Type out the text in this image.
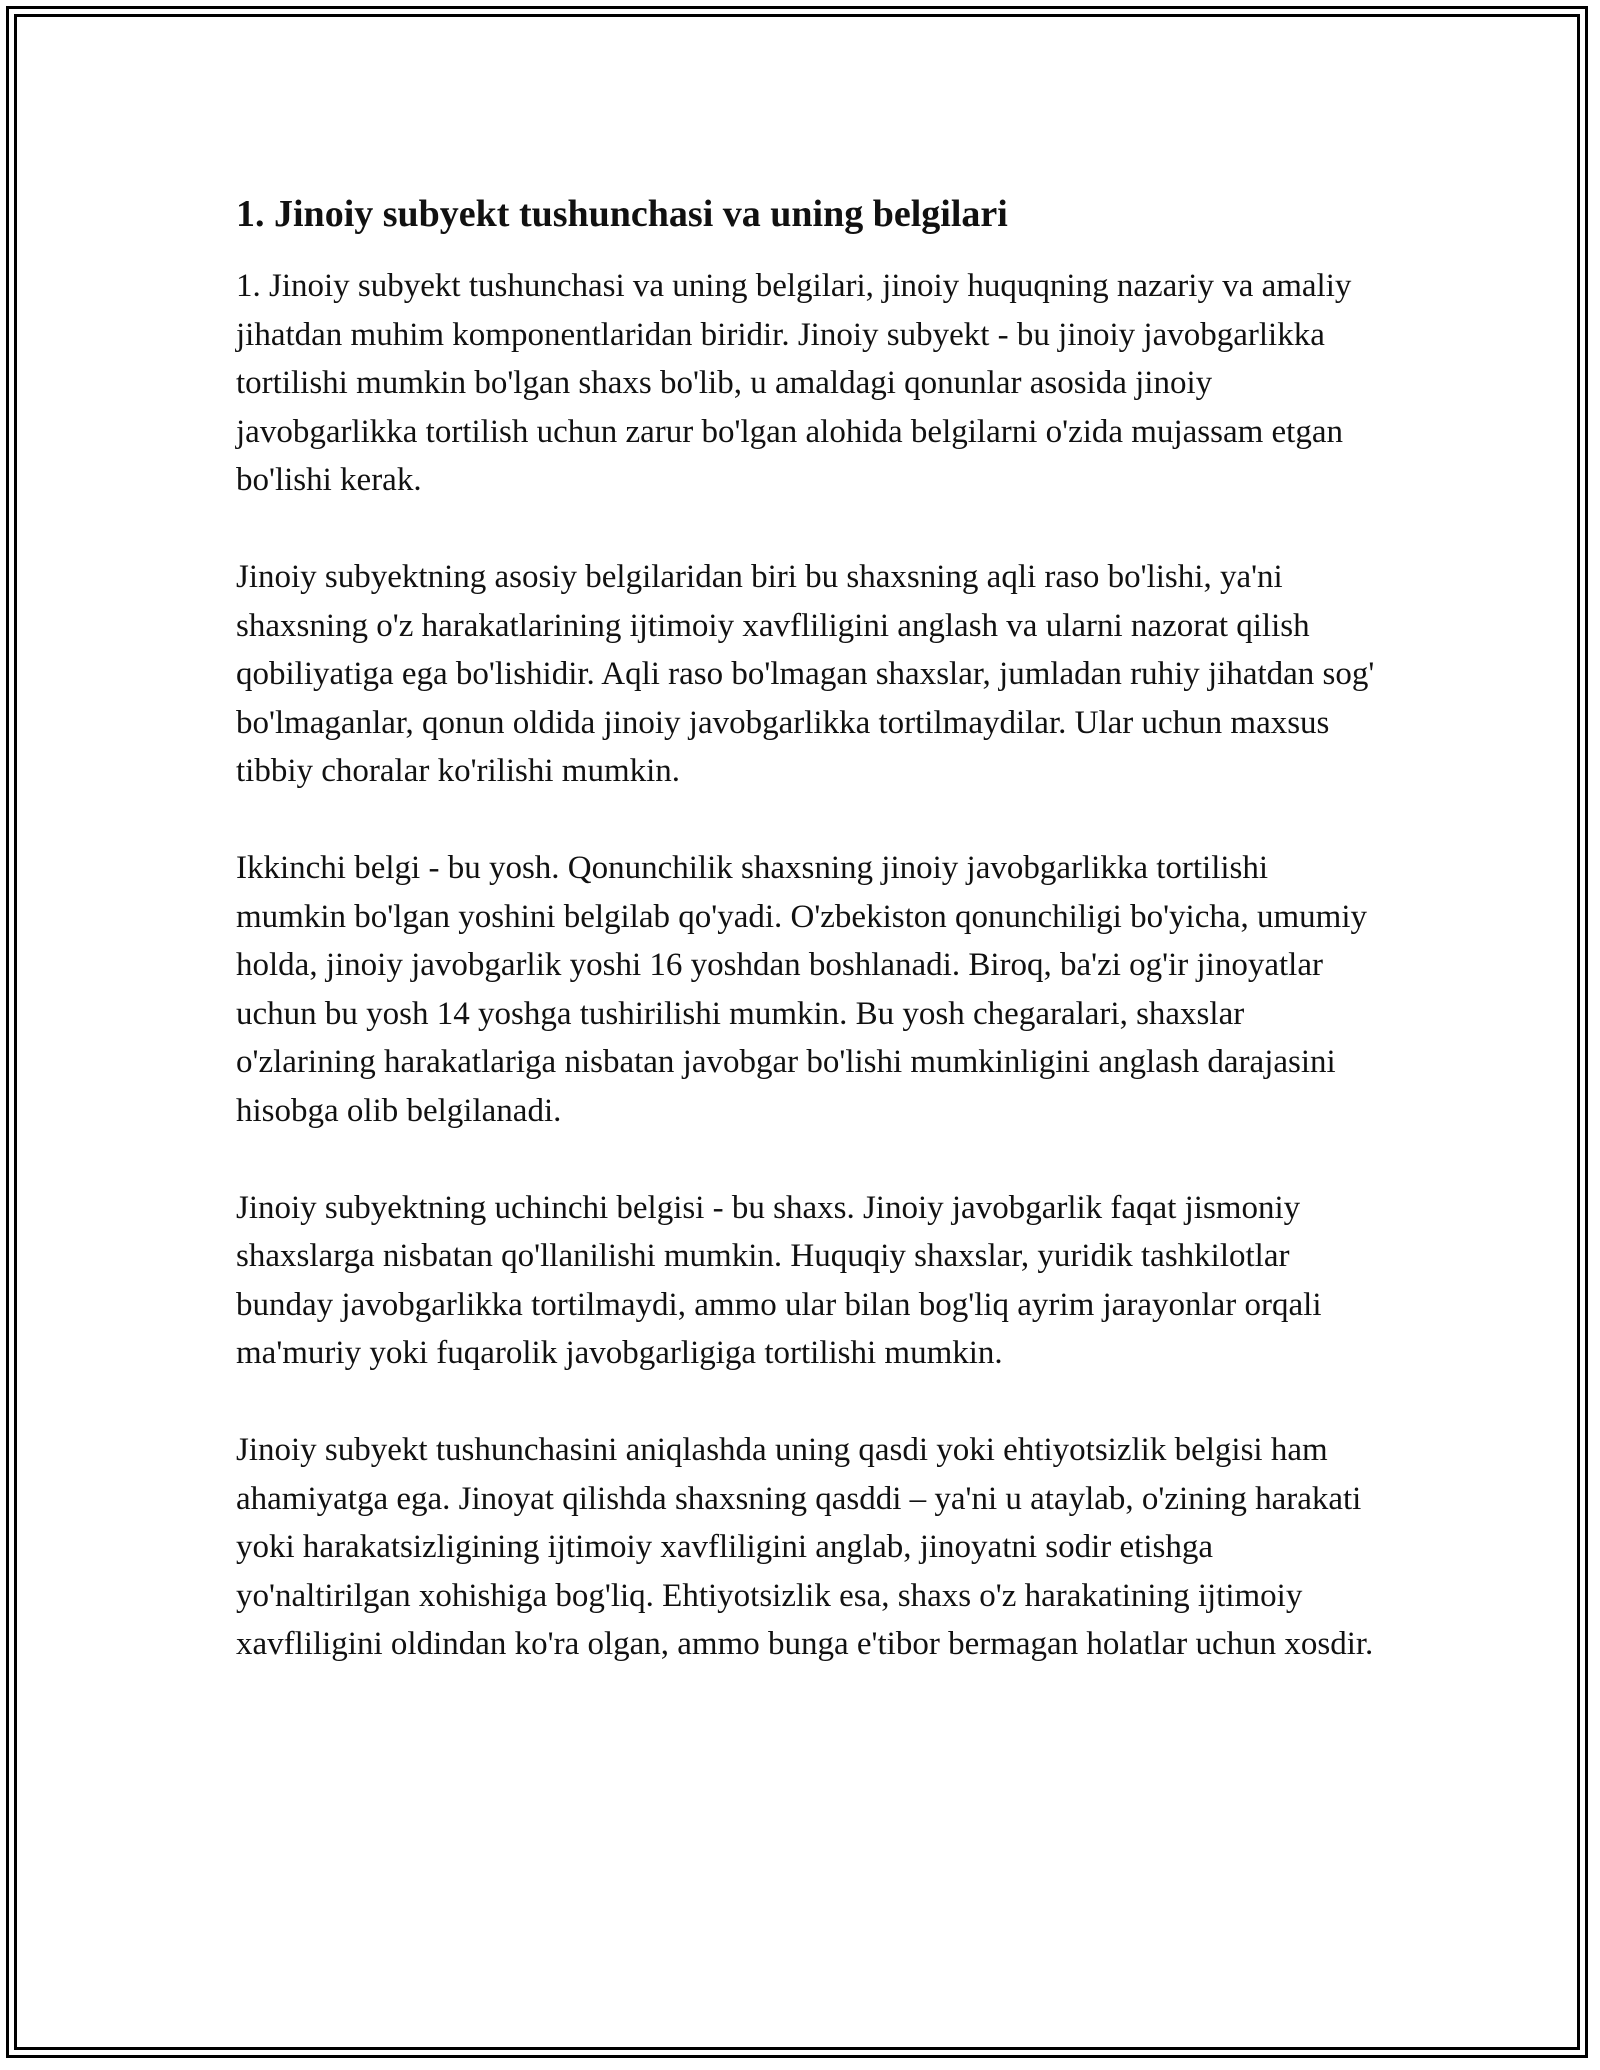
1. Jinoiy subyekt tushunchasi va uning belgilari

1. Jinoiy subyekt tushunchasi va uning belgilari, jinoiy huquqning nazariy va amaliy jihatdan muhim komponentlaridan biridir. Jinoiy subyekt - bu jinoiy javobgarlikka tortilishi mumkin bo'lgan shaxs bo'lib, u amaldagi qonunlar asosida jinoiy javobgarlikka tortilish uchun zarur bo'lgan alohida belgilarni o'zida mujassam etgan bo'lishi kerak.

Jinoiy subyektning asosiy belgilaridan biri bu shaxsning aqli raso bo'lishi, ya'ni shaxsning o'z harakatlarining ijtimoiy xavfliligini anglash va ularni nazorat qilish qobiliyatiga ega bo'lishidir. Aqli raso bo'lmagan shaxslar, jumladan ruhiy jihatdan sog' bo'lmaganlar, qonun oldida jinoiy javobgarlikka tortilmaydilar. Ular uchun maxsus tibbiy choralar ko'rilishi mumkin.

Ikkinchi belgi - bu yosh. Qonunchilik shaxsning jinoiy javobgarlikka tortilishi mumkin bo'lgan yoshini belgilab qo'yadi. O'zbekiston qonunchiligi bo'yicha, umumiy holda, jinoiy javobgarlik yoshi 16 yoshdan boshlanadi. Biroq, ba'zi og'ir jinoyatlar uchun bu yosh 14 yoshga tushirilishi mumkin. Bu yosh chegaralari, shaxslar o'zlarining harakatlariga nisbatan javobgar bo'lishi mumkinligini anglash darajasini hisobga olib belgilanadi.

Jinoiy subyektning uchinchi belgisi - bu shaxs. Jinoiy javobgarlik faqat jismoniy shaxslarga nisbatan qo'llanilishi mumkin. Huquqiy shaxslar, yuridik tashkilotlar bunday javobgarlikka tortilmaydi, ammo ular bilan bog'liq ayrim jarayonlar orqali ma'muriy yoki fuqarolik javobgarligiga tortilishi mumkin.

Jinoiy subyekt tushunchasini aniqlashda uning qasdi yoki ehtiyotsizlik belgisi ham ahamiyatga ega. Jinoyat qilishda shaxsning qasddi – ya'ni u ataylab, o'zining harakati yoki harakatsizligining ijtimoiy xavfliligini anglab, jinoyatni sodir etishga yo'naltirilgan xohishiga bog'liq. Ehtiyotsizlik esa, shaxs o'z harakatining ijtimoiy xavfliligini oldindan ko'ra olgan, ammo bunga e'tibor bermagan holatlar uchun xosdir.
